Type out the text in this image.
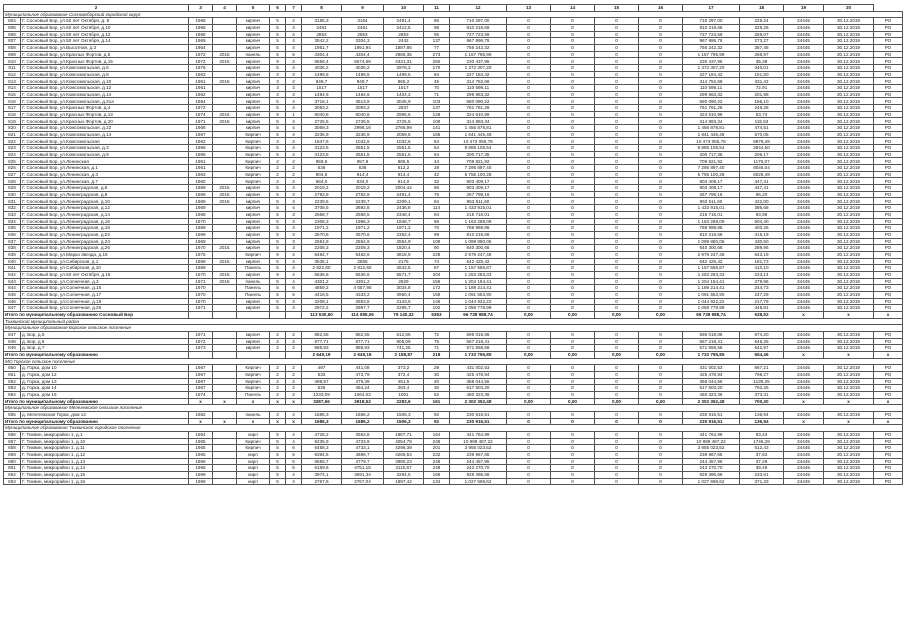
2		3	4	5	6	7	8	9	10	11	12	13	14	15	16	17	18	19	20
Муниципальное образование Сосновоборский городской округ																				
804	Г. Сосновый Бор, ул.50 лет Октября, д. 8	1968		кирпич	5	4	3185,3	3164	2491,4	86	710 297,00	0	0	0	0	710 297,00	229,24	24445	30.12.2019	РО
805	Г. Сосновый Бор, ул.50 лет Октября, д.10	1968		кирпич	5	3	2491	2491	2412,5	98	810 218,68	0	0	0	0	810 218,68	325,26	24445	30.12.2019	РО
806	Г. Сосновый Бор, ул.50 лет Октября, д.12	1968		кирпич	5	4	2853	2853	2853	95	727 723,59	0	0	0	0	727 723,59	255,07	24445	30.12.2019	РО
807	Г. Сосновый Бор, ул.50 лет Октября, д.14	1969		кирпич	5	4	3542,2	3304,3	2442	137	967 996,78	0	0	0	0	967 996,78	273,27	24445	30.12.2019	РО
808	Г. Сосновый Бор, ул.Высотная, д.3	1964		кирпич	5	4	1951,7	1951,94	1887,85	77	756 242,32	0	0	0	0	756 242,32	387,48	24445	30.12.2019	РО
809	Г. Сосновый Бор, ул.Красных Фортов, д.5	1972	2015	панель	5	6	4304,4	4304,4	2986,35	273	1 157 795,99	0	0	0	0	1 157 795,99	268,97	24445	30.12.2019	РО
810	Г. Сосновый Бор, ул.Красных Фортов, д.15	1972	2015	кирпич	9	2	6556,4	6574,68	4431,31	260	230 437,95	0	0	0	0	230 437,95	35,38	24445	30.12.2019	РО
811	Г. Сосновый Бор, ул.Комсомольская, д.6	1976		кирпич	5	4	4036,2	4036,2	2978,2	170	1 372 307,20	0	0	0	0	1 372 307,20	340,01	24445	30.12.2019	РО
812	Г. Сосновый Бор, ул.Комсомольская, д.8	1963		кирпич	3	3	1499,5	1499,5	1499,5	84	227 184,42	0	0	0	0	227 184,42	151,50	24445	30.12.2019	РО
813	Г. Сосновый Бор, ул.Комсомольская, д.10	1961	2015	кирпич	3	2	949,7	949,7	865,2	45	314 752,68	0	0	0	0	314 752,68	331,42	24445	30.12.2019	РО
814	Г. Сосновый Бор, ул.Комсомольская, д.12	1961		кирпич	3	3	1517	1517	1517	70	110 598,11	0	0	0	0	110 598,11	72,91	24445	30.12.2019	РО
815	Г. Сосновый Бор, ул.Комсомольская, д.14	1962		кирпич	3	3	1484,6	1484,6	1404,2	71	299 863,32	0	0	0	0	299 863,32	201,98	24445	30.12.2019	РО
816	Г. Сосновый Бор, ул.Комсомольская, д.21а	1964		кирпич	5	4	3716,1	3513,9	3045,9	103	580 090,22	0	0	0	0	580 090,22	156,10	24445	30.12.2019	РО
817	Г. Сосновый Бор, ул.Красных Фортов, д.4	1972		кирпич	5	4	3093,2	3093,2	2837	137	761 761,28	0	0	0	0	761 761,28	246,28	24445	30.12.2019	РО
818	Г. Сосновый Бор, ул.Красных Фортов, д.13	1974	2016	кирпич	9	1	6040,8	6040,8	2995,6	128	324 610,99	0	0	0	0	324 610,99	53,74	24445	30.12.2019	РО
819	Г. Сосновый Бор, ул.Красных Фортов, д.20	1971	2015	кирпич	5	4	2725,5	2725,5	2725,5	109	314 893,34	0	0	0	0	314 893,34	115,53	24445	30.12.2019	РО
820	Г. Сосновый Бор, ул.Комсомольская, д.22	1966		кирпич	5	4	3069,3	2998,16	2766,99	141	1 456 878,81	0	0	0	0	1 456 878,81	474,51	24445	30.12.2019	РО
821	Г. Сосновый Бор, ул.Комсомольская, д.14	1967		Кирпич	5	4	3236,9	3236,9	2059,5	165	1 841 445,48	0	0	0	0	1 841 445,48	570,05	24445	30.12.2019	РО
822	Г. Сосновый Бор, ул.Комсомольская	1962		Кирпич	3	2	1537,6	1032,6	1032,6	84	10 473 055,78	0	0	0	0	10 473 055,78	6878,49	24445	30.12.2019	РО
823	Г. Сосновый Бор, ул.Комсомольская, д.3	1966		Кирпич	5	4	3123,5	2551,5	2551,5	64	8 885 108,54	0	0	0	0	8 885 108,54	2844,60	24445	30.12.2019	РО
824	Г. Сосновый Бор, ул.Комсомольская, д.9	1966		Кирпич	5	4	3123,5	2551,5	2551,5	64	200 717,35	0	0	0	0	200 717,35	209,17	24445	30.12.2019	РО
825	Г. Сосновый Бор, ул.Ленинская	1961		Кирпич	2	2	959,6	957,6	886,5	44	709 821,92	0	0	0	0	709 821,92	1176,07	24445	30.12.2019	РО
826	Г. Сосновый Бор, ул.Ленинская, д.1	1961		Кирпич	2	2	636	636	612,2	29	7 295 897,40	0	0	0	0	7 295 897,40	8046,04	24445	30.12.2019	РО
827	Г. Сосновый Бор, ул.Ленинская, д.3	1963		Кирпич	2	2	904,8	914,4	914,4	42	5 755 100,28	0	0	0	0	5 755 100,28	8026,49	24445	30.12.2019	РО
828	Г. Сосновый Бор, ул.Ленинская, д.7	1960		Кирпич	2	2	664,0	634,0	614,0	32	903 409,17	0	0	0	0	903 409,17	447,41	24445	30.12.2019	РО
829	Г. Сосновый Бор, ул.Ленинградская, д.6	1969	2015	кирпич	5	3	2019,2	2019,2	2004,44	86	903 409,17	0	0	0	0	903 409,17	447,41	24445	30.12.2019	РО
830	Г. Сосновый Бор, ул.Ленинградская, д.8	1969	2015	кирпич	5	3	2782,9	2782,9	2491,4	76	267 799,16	0	0	0	0	267 799,16	96,20	24445	30.12.2019	РО
831	Г. Сосновый Бор, ул.Ленинградская, д.10	1969	2015	кирпич	5	3	2239,5	2239,7	2209,1	84	953 511,60	0	0	0	0	953 511,60	422,00	24445	30.12.2019	РО
832	Г. Сосновый Бор, ул.Ленинградская, д.12	1969		кирпич	5	4	3708,5	3692,8	2436,8	114	1 433 915,01	0	0	0	0	1 433 915,01	386,68	24445	30.12.2019	РО
833	Г. Сосновый Бор, ул.Ленинградская, д.14	1968		кирпич	5	3	2568,7	2568,5	2348,4	94	215 716,01	0	0	0	0	215 716,01	83,98	24445	30.12.2019	РО
834	Г. Сосновый Бор, ул.Ленинградская, д.16	1970		кирпич	5	3	2306,3	1996,3	1948,7	86	1 163 288,09	0	0	0	0	1 163 288,09	504,40	24445	30.12.2019	РО
835	Г. Сосновый Бор, ул.Ленинградская, д.18	1969		кирпич	5	3	1971,2	1971,2	1971,2	70	788 998,85	0	0	0	0	788 998,85	400,26	24445	30.12.2019	РО
836	Г. Сосновый Бор, ул.Ленинградская, д.22	1969		кирпич	5	3	2570,6	2570,6	2352,4	99	810 218,68	0	0	0	0	810 218,68	315,19	24445	30.12.2019	РО
837	Г. Сосновый Бор, ул.Ленинградская, д.24	1969		кирпич	5	3	2554,9	2554,9	2554,9	109	1 099 880,05	0	0	0	0	1 099 880,05	430,50	24445	30.12.2019	РО
838	Г. Сосновый Бор, ул.Ленинградская, д.26	1970	2015	кирпич	5	3	2208,3	2208,3	1820,4	90	640 300,66	0	0	0	0	640 300,66	289,95	24445	30.12.2019	РО
839	Г. Сосновый Бор, ул.Марка Звезда, д.16	1975		Кирпич	9	4	5484,7	5482,6	3818,9	228	2 979 247,48	0	0	0	0	2 979 247,48	543,19	24445	30.12.2019	РО
840	Г. Сосновый Бор, ул.Сибирская, д.1	1969	2015	кирпич	5	4	3535,1	2855	2175	74	642 425,42	0	0	0	0	642 425,42	181,73	24445	30.12.2019	РО
841	Г. Сосновый Бор, ул.Сибирская, д.10	1969		Панель	5	4	2 822,60	2 812,60	2642,5	87	1 157 555,87	0	0	0	0	1 157 555,87	410,10	24445	30.12.2019	РО
842	Г. Сосновый Бор, ул.50 лет Октября, д.15	1970	2015	кирпич	9	4	5636,6	5636,6	5571,7	204	1 253 283,33	0	0	0	0	1 253 283,33	223,14	24445	30.12.2019	РО
843	Г. Сосновый Бор, ул.Солнечная, д.3	1971	2015	панель	5	4	4301,2	4301,2	2829	156	1 204 154,41	0	0	0	0	1 204 154,41	279,96	24445	30.12.2019	РО
844	Г. Сосновый Бор, ул.Солнечная, д.15	1970		Панель	5	6	4859,2	4 657,90	3034,8	172	1 189 214,41	0	0	0	0	1 189 214,41	244,73	24445	30.12.2019	РО
845	Г. Сосновый Бор, ул.Солнечная, д.17	1970		Панель	5	6	4418,5	4333,2	3960,4	159	1 091 553,90	0	0	0	0	1 091 553,90	247,29	24445	30.12.2019	РО
846	Г. Сосновый Бор, ул.Солнечная, д.19	1970		кирпич	5	3	3208,1	2853,6	2143,5	146	1 044 922,22	0	0	0	0	1 044 922,22	217,79	24445	30.12.2019	РО
847	Г. Сосновый Бор, ул.Солнечная, д.25	1971		кирпич	5	3	2972,2	2967,7	2295,7	102	1 058 778,99	0	0	0	0	1 058 778,99	348,81	24445	30.12.2019	РО
Итого по муниципальному образованию Сосновый Бор							113 530,60	114 085,06	79 140,32	5363	66 738 988,74	0,00	0,00	0,00	0,00	66 738 988,74	538,52	х	х	х
Тихвинский муниципальный район																				
Муниципальное образование Борское сельское поселение																				
847	д. Бор, д.5	1971		кирпич	2	2	882,55	882,55	612,55	72	595 018,86	0	0	0	0	595 018,86	674,20	24445	30.12.2019	РО
848	д. Бор, д.6	1972		кирпич	2	2	877,71	877,71	805,09	75	567 218,41	0	0	0	0	567 218,41	646,25	24445	30.12.2019	РО
849	д. Бор, д.7	1973		кирпич	2	2	888,93	888,93	741,25	71	571 558,58	0	0	0	0	571 558,58	642,97	24445	30.12.2019	РО
Итого по муниципальному образованию							2 649,19	2 649,19	2 158,87	218	1 733 795,85	0,00	0,00	0,00	0,00	1 733 795,85	654,46	х	х	х
МО Горское сельское поселение																				
850	д. Горка, дом 10	1967		Кирпич	2	2	497	441,08	373,2	29	431 002,53	0	0	0	0	431 002,53	867,21	24445	30.12.2019	РО
851	д. Горка, дом 12	1967		Кирпич	2	2	533	473,79	372,4	30	425 478,94	0	0	0	0	425 478,94	798,27	24445	30.12.2019	РО
852	д. Горка, дом 13	1967		Кирпич	2	2	498,57	479,39	451,5	20	368 044,55	0	0	0	0	368 044,55	1139,25	24445	30.12.2019	РО
853	д. Горка, дом 14	1967		Кирпич	2	2	526	464,24	283,4	30	617 503,20	0	0	0	0	617 503,20	792,25	24445	30.12.2019	РО
854	д. Горка, дом 15	1974		Панель	2	2	1233,09	1064,02	1001	52	460 323,36	0	0	0	0	460 323,36	373,31	24445	30.12.2019	РО
Итого по муниципальному образованию		х	х	х	х	х	3287,66	2918,52	2283,6	161	2 302 352,48	0,00	0,00	0,00	0,00	2 302 352,48	700,30	х	х	х
Муниципальное образование Мелегежское сельское поселение																				
855	д. Мелегежская Горка, дом 12	1982		панель	3	4	1686,3	1686,2	1506,3	92	230 916,51	0	0	0	0	230 916,51	136,94	24445	30.12.2019	РО
Итого по муниципальному образованию		х	х	х	х	х	1686,3	1686,2	1506,3	92	230 916,51	0	0	0	0	230 916,51	136,94	х	х	х
Муниципальное образование Тихвинское городское поселение																				
856	Г. Тихвин, микрорайон 1, д.1	1964		кирп	5	4	4728,2	2563,8	1967,71	154	441 764,99	0	0	0	0	441 764,99	93,43	24445	30.12.2019	РО
857	Г. Тихвин, микрорайон 1, д.10	1965		Кирпич	5	4	6235,9	4733,9	4054,78	248	10 889 487,22	0	0	0	0	10 889 487,22	1746,28	24445	30.12.2019	РО
858	Г. Тихвин, микрорайон 1, д.11	1965		Кирпич	5	6	6458,3	4733,1	4296,39	201	3 955 023,52	0	0	0	0	3 955 023,52	612,43	24445	30.12.2019	РО
859	Г. Тихвин, микрорайон 1, д.12	1965		кирп	5	6	6394,5	4696,7	4269,54	232	239 967,65	0	0	0	0	239 967,65	37,53	24445	30.12.2019	РО
860	Г. Тихвин, микрорайон 1, д.13	1966		кирп	5	6	6555,7	4779,7	3980,23	246	244 457,95	0	0	0	0	244 457,95	37,29	24445	30.12.2019	РО
861	Г. Тихвин, микрорайон 1, д.14	1965		кирп	5	6	6159,6	4751,15	3115,67	248	243 270,70	0	0	0	0	243 270,70	39,49	24445	30.12.2019	РО
862	Г. Тихвин, микрорайон 1, д.15	1969		кирп	5	4	3974,1	3591,34	3294,5	166	928 396,68	0	0	0	0	928 396,68	233,61	24445	30.12.2019	РО
863	Г. Тихвин, микрорайон 1, д.16	1969		кирп	5	4	2767,6	2767,04	1897,42	134	1 027 698,62	0	0	0	0	1 027 698,62	371,33	24445	30.12.2019	РО
